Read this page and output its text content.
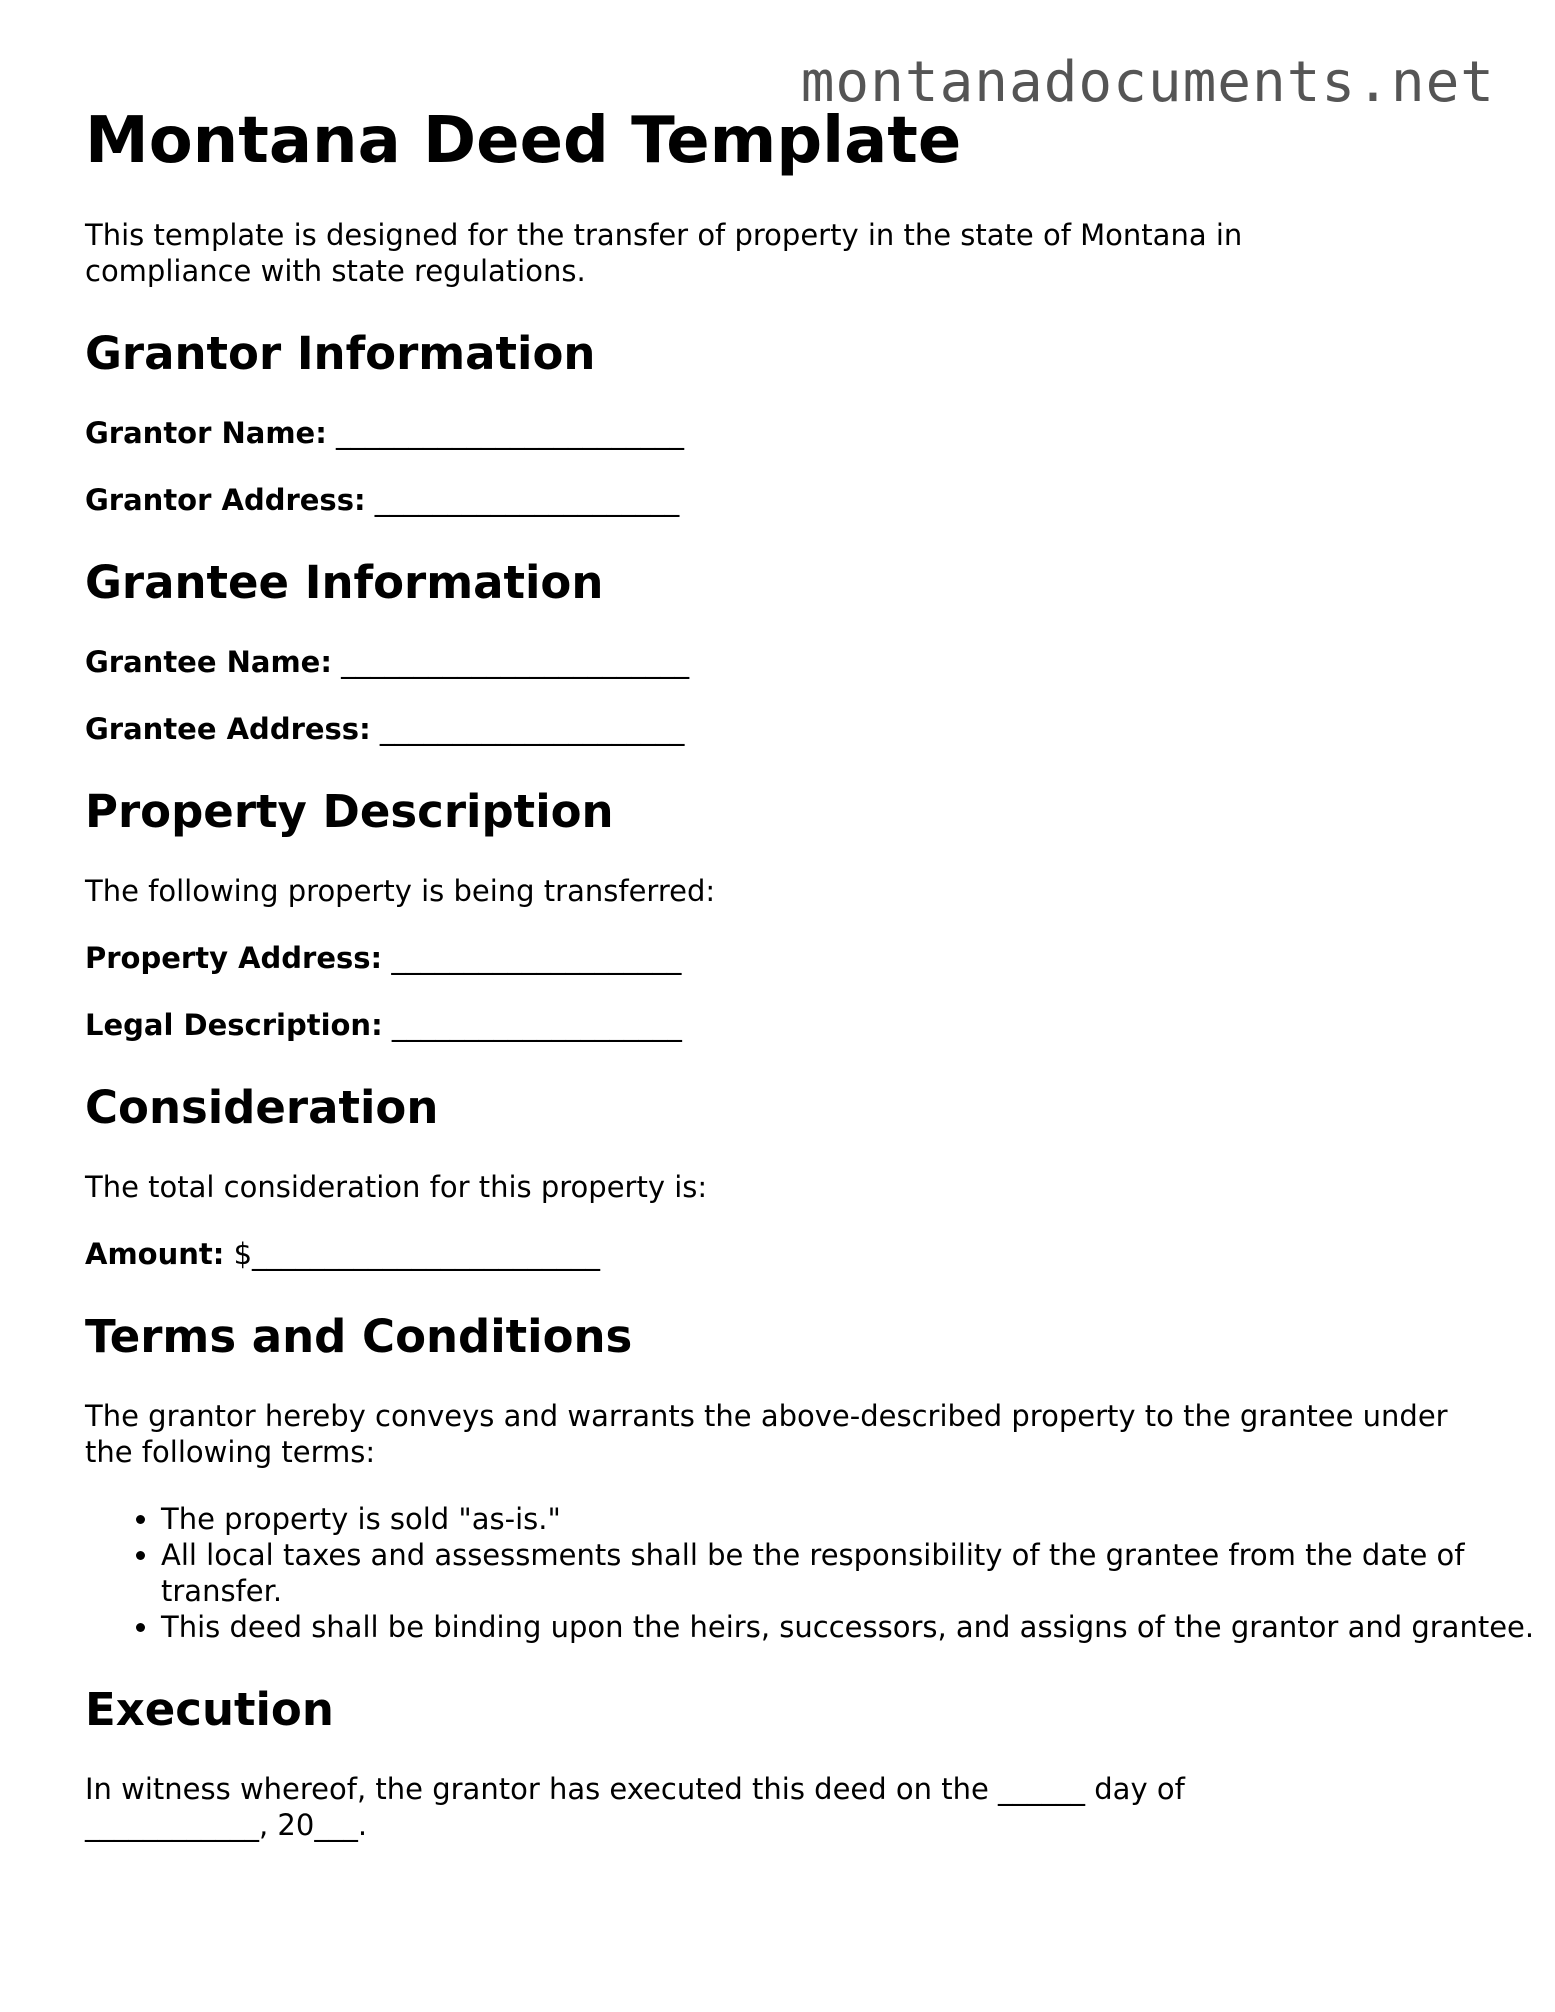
montanadocuments.net
Montana Deed Template

This template is designed for the transfer of property in the state of Montana in compliance with state regulations.

Grantor Information
Grantor Name: ________________________
Grantor Address: _____________________
Grantee Information
Grantee Name: ________________________
Grantee Address: _____________________
Property Description

The following property is being transferred:

Property Address: ____________________
Legal Description: ____________________
Consideration

The total consideration for this property is:

Amount: $________________________
Terms and Conditions

The grantor hereby conveys and warrants the above-described property to the grantee under the following terms:

• The property is sold "as-is."
• All local taxes and assessments shall be the responsibility of the grantee from the date of transfer.
• This deed shall be binding upon the heirs, successors, and assigns of the grantor and grantee.
Execution

In witness whereof, the grantor has executed this deed on the ______ day of ____________, 20___.
